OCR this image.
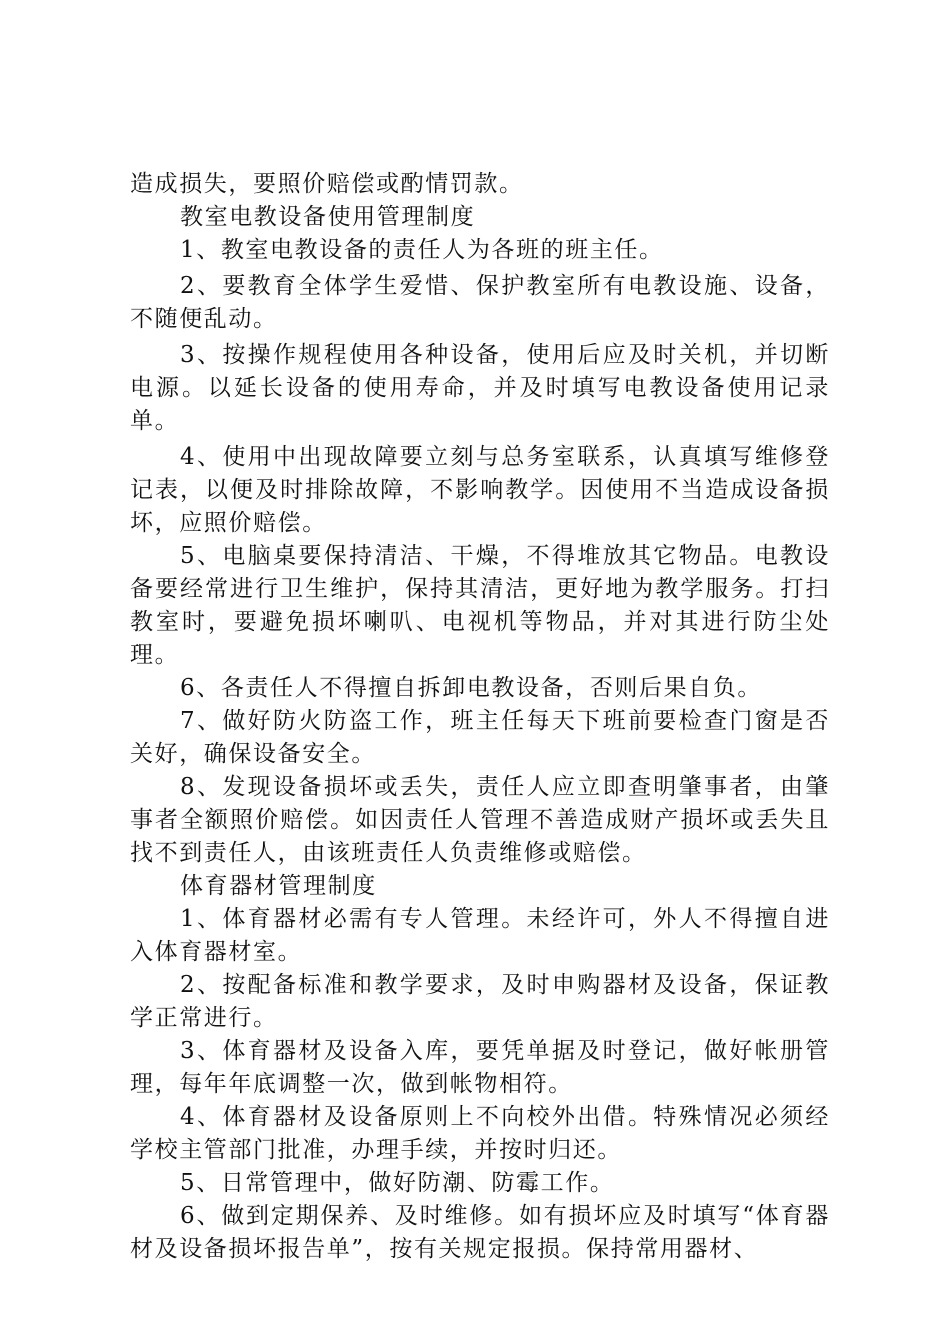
造成损失，要照价赔偿或酌情罚款。

教室电教设备使用管理制度

1、教室电教设备的责任人为各班的班主任。

2、要教育全体学生爱惜、保护教室所有电教设施、设备，不随便乱动。

3、按操作规程使用各种设备，使用后应及时关机，并切断电源。以延长设备的使用寿命，并及时填写电教设备使用记录单。

4、使用中出现故障要立刻与总务室联系，认真填写维修登记表，以便及时排除故障，不影响教学。因使用不当造成设备损坏，应照价赔偿。

5、电脑桌要保持清洁、干燥，不得堆放其它物品。电教设备要经常进行卫生维护，保持其清洁，更好地为教学服务。打扫教室时，要避免损坏喇叭、电视机等物品，并对其进行防尘处理。

6、各责任人不得擅自拆卸电教设备，否则后果自负。

7、做好防火防盗工作，班主任每天下班前要检查门窗是否关好，确保设备安全。

8、发现设备损坏或丢失，责任人应立即查明肇事者，由肇事者全额照价赔偿。如因责任人管理不善造成财产损坏或丢失且找不到责任人，由该班责任人负责维修或赔偿。

体育器材管理制度

1、体育器材必需有专人管理。未经许可，外人不得擅自进入体育器材室。

2、按配备标准和教学要求，及时申购器材及设备，保证教学正常进行。

3、体育器材及设备入库，要凭单据及时登记，做好帐册管理，每年年底调整一次，做到帐物相符。

4、体育器材及设备原则上不向校外出借。特殊情况必须经学校主管部门批准，办理手续，并按时归还。

5、日常管理中，做好防潮、防霉工作。

6、做到定期保养、及时维修。如有损坏应及时填写“体育器材及设备损坏报告单”，按有关规定报损。保持常用器材、
